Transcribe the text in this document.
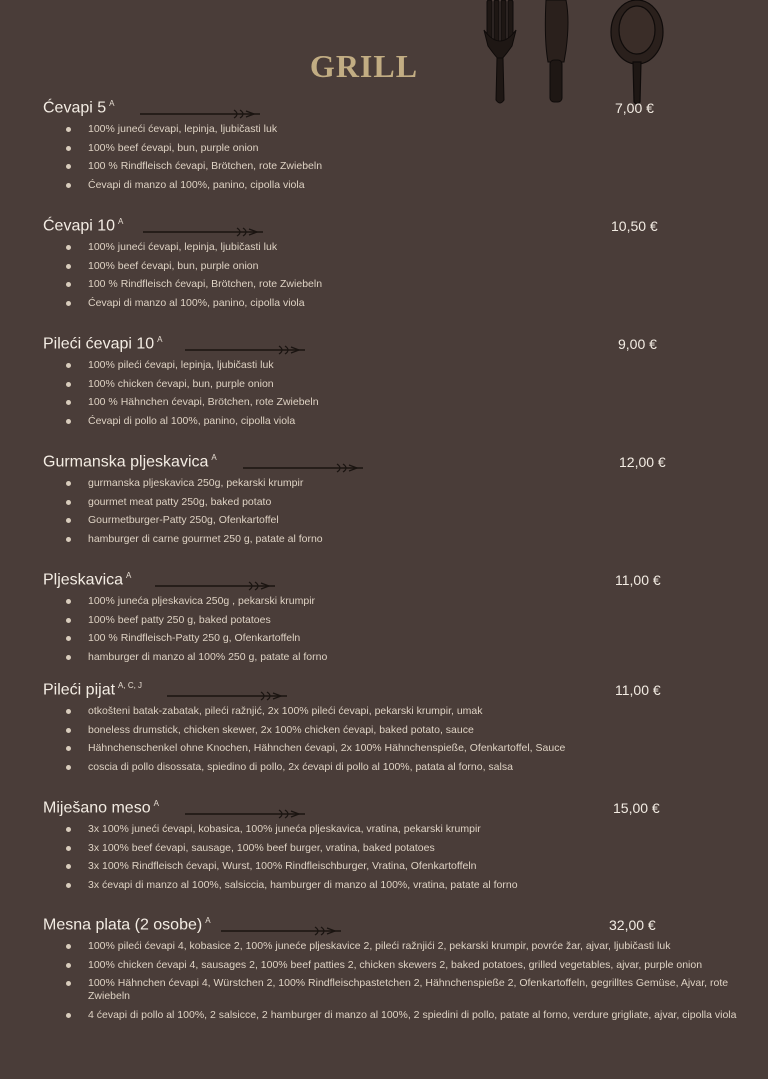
GRILL
Ćevapi 5 $^A$	7,00 €
100% juneći ćevapi, lepinja, ljubičasti luk
100% beef ćevapi, bun, purple onion
100 % Rindfleisch ćevapi, Brötchen, rote Zwiebeln
Ćevapi di manzo al 100%, panino, cipolla viola
Ćevapi 10 $^A$	10,50 €
100% juneći ćevapi, lepinja, ljubičasti luk
100% beef ćevapi, bun, purple onion
100 % Rindfleisch ćevapi, Brötchen, rote Zwiebeln
Ćevapi di manzo al 100%, panino, cipolla viola
Pileći ćevapi 10 $^A$	9,00 €
100% pileći ćevapi, lepinja, ljubičasti luk
100% chicken ćevapi, bun, purple onion
100 % Hähnchen ćevapi, Brötchen, rote Zwiebeln
Ćevapi di pollo al 100%, panino, cipolla viola
Gurmanska pljeskavica $^A$	12,00 €
gurmanska pljeskavica 250g, pekarski krumpir
gourmet meat patty 250g, baked potato
Gourmetburger-Patty 250g, Ofenkartoffel
hamburger di carne gourmet 250 g, patate al forno
Pljeskavica $^A$	11,00 €
100% juneća pljeskavica 250g , pekarski krumpir
100% beef patty 250 g, baked potatoes
100 % Rindfleisch-Patty 250 g, Ofenkartoffeln
hamburger di manzo al 100% 250 g, patate al forno
Pileći pijat $^{A, C, J}$	11,00 €
otkošteni batak-zabatak, pileći ražnjić, 2x 100% pileći ćevapi, pekarski krumpir, umak
boneless drumstick, chicken skewer, 2x 100% chicken ćevapi, baked potato, sauce
Hähnchenschenkel ohne Knochen, Hähnchen ćevapi, 2x 100% Hähnchenspieße, Ofenkartoffel, Sauce
coscia di pollo disossata, spiedino di pollo, 2x ćevapi di pollo al 100%, patata al forno, salsa
Miješano meso $^A$	15,00 €
3x 100% juneći ćevapi, kobasica, 100% juneća pljeskavica, vratina, pekarski krumpir
3x 100% beef ćevapi, sausage, 100% beef burger, vratina, baked potatoes
3x 100% Rindfleisch ćevapi, Wurst, 100% Rindfleischburger, Vratina, Ofenkartoffeln
3x ćevapi di manzo al 100%, salsiccia, hamburger di manzo al 100%, vratina, patate al forno
Mesna plata (2 osobe) $^A$	32,00 €
100% pileći ćevapi 4, kobasice 2, 100% juneće pljeskavice 2, pileći ražnjići 2, pekarski krumpir, povrće žar, ajvar, ljubičasti luk
100% chicken ćevapi 4, sausages 2, 100% beef patties 2, chicken skewers 2, baked potatoes, grilled vegetables, ajvar, purple onion
100% Hähnchen ćevapi 4, Würstchen 2, 100% Rindfleischpastetchen 2, Hähnchenspieße 2, Ofenkartoffeln, gegrilltes Gemüse, Ajvar, rote Zwiebeln
4 ćevapi di pollo al 100%, 2 salsicce, 2 hamburger di manzo al 100%, 2 spiedini di pollo, patate al forno, verdure grigliate, ajvar, cipolla viola
